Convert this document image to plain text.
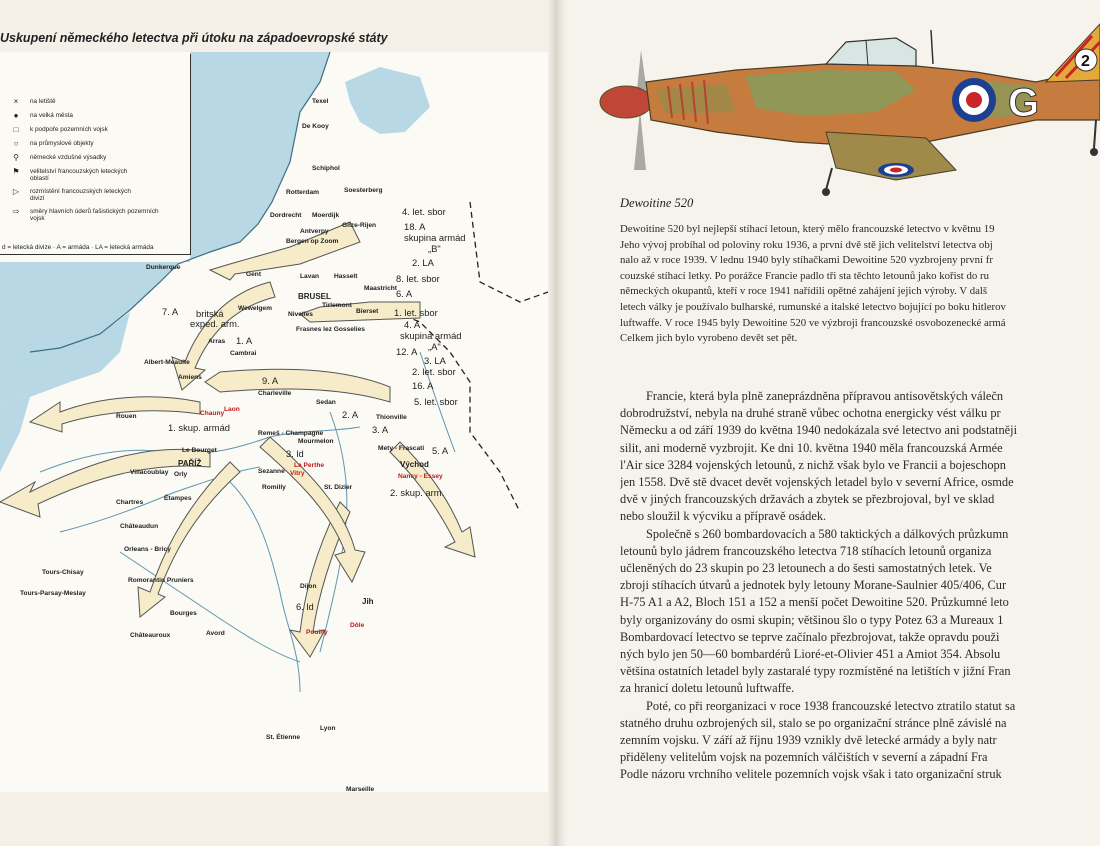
Uskupení německého letectva při útoku na západoevropské státy
×	na letiště
●	na velká města
□	k podpoře pozemních vojsk
○	na průmyslové objekty
⚲	německé vzdušné výsadky
⚑	velitelství francouzských leteckých oblastí
▷	rozmístění francouzských leteckých divizí
⇨	směry hlavních úderů fašistických pozemních vojsk
d = letecká divize · A = armáda · LA = letecká armáda
Texel
De Kooy
Schiphol
Rotterdam	Soesterberg
Dordrecht Moerdijk
Gilze-Rijen
Antverpy
Bergen op Zoom
Dunkerque
Gent	Lavan Hasselt
Maastricht
BRUSEL
Tirlemont
Bierset
Wewelgem
Nivelles
Frasnes lez Gosselies
Arras
Cambrai
Albert-Meaulte
Amiens
Charleville
Sedan
Chauny
Laon
Rouen	Thionville
Remeš - Champagne
Mourmelon
Mety - Frascati
Le Bourget
PAŘÍŽ
Villacoublay Orly
La Perthe
Sezanne
Východ
Nancy - Essey
Chartres
Étampes
Romilly	St. Dizier
Châteaudun
Orleans - Bricy
Tours-Chisay
Tours-Parsay-Meslay
Romorantin Pruniers
Dijon
Jih
Bourges
Avord
Châteauroux	Pouilly
Dôle
Lyon
St. Étienne
Marseille
Vitry
4. let. sbor
18. A
skupina armád
„B"
2. LA
8. let. sbor
6. A
1. let. sbor
4. A
skupina armád
„A"
britská
exped. arm.
7. A
1. A
12. A
3. LA
2. let. sbor
16. A
5. let. sbor
9. A
2. A
3. A
5. A
1. skup. armád
3. ld
2. skup. arm.
6. ld
G
2
Dewoitine 520
Dewoitine 520 byl nejlepší stíhací letoun, který mělo francouzské letectvo v květnu 19
Jeho vývoj probíhal od poloviny roku 1936, a první dvě stě jich velitelství letectva obj
nalo až v roce 1939. V lednu 1940 byly stíhačkami Dewoitine 520 vyzbrojeny první fr
couzské stíhací letky. Po porážce Francie padlo tři sta těchto letounů jako kořist do ru
německých okupantů, kteří v roce 1941 nařídili opětné zahájení jejich výroby. V dalš
letech války je používalo bulharské, rumunské a italské letectvo bojující po boku hitlerov
luftwaffe. V roce 1945 byly Dewoitine 520 ve výzbroji francouzské osvobozenecké armá
Celkem jich bylo vyrobeno devět set pět.
Francie, která byla plně zaneprázdněna přípravou antisovětských válečn
dobrodružství, nebyla na druhé straně vůbec ochotna energicky vést válku pr
Německu a od září 1939 do května 1940 nedokázala své letectvo ani podstatněji
silit, ani moderně vyzbrojit. Ke dni 10. května 1940 měla francouzská Armée
l'Air sice 3284 vojenských letounů, z nichž však bylo ve Francii a bojeschopn
jen 1558. Dvě stě dvacet devět vojenských letadel bylo v severní Africe, osmde
dvě v jiných francouzských državách a zbytek se přezbrojoval, byl ve sklad
nebo sloužil k výcviku a přípravě osádek.
Společně s 260 bombardovacích a 580 taktických a dálkových průzkumn
letounů bylo jádrem francouzského letectva 718 stíhacích letounů organiza
učleněných do 23 skupin po 23 letounech a do šesti samostatných letek. Ve
zbroji stíhacích útvarů a jednotek byly letouny Morane-Saulnier 405/406, Cur
H-75 A1 a A2, Bloch 151 a 152 a menší počet Dewoitine 520. Průzkumné leto
byly organizovány do osmi skupin; většinou šlo o typy Potez 63 a Mureaux 1
Bombardovací letectvo se teprve začínalo přezbrojovat, takže opravdu použi
ných bylo jen 50—60 bombardérů Lioré-et-Olivier 451 a Amiot 354. Absolu
většina ostatních letadel byly zastaralé typy rozmístěné na letištích v jižní Fran
za hranicí doletu letounů luftwaffe.
Poté, co při reorganizaci v roce 1938 francouzské letectvo ztratilo statut sa
statného druhu ozbrojených sil, stalo se po organizační stránce plně závislé na
zemním vojsku. V září až říjnu 1939 vznikly dvě letecké armády a byly natr
přiděleny velitelům vojsk na pozemních válčištích v severní a západní Fra
Podle názoru vrchního velitele pozemních vojsk však i tato organizační struk
